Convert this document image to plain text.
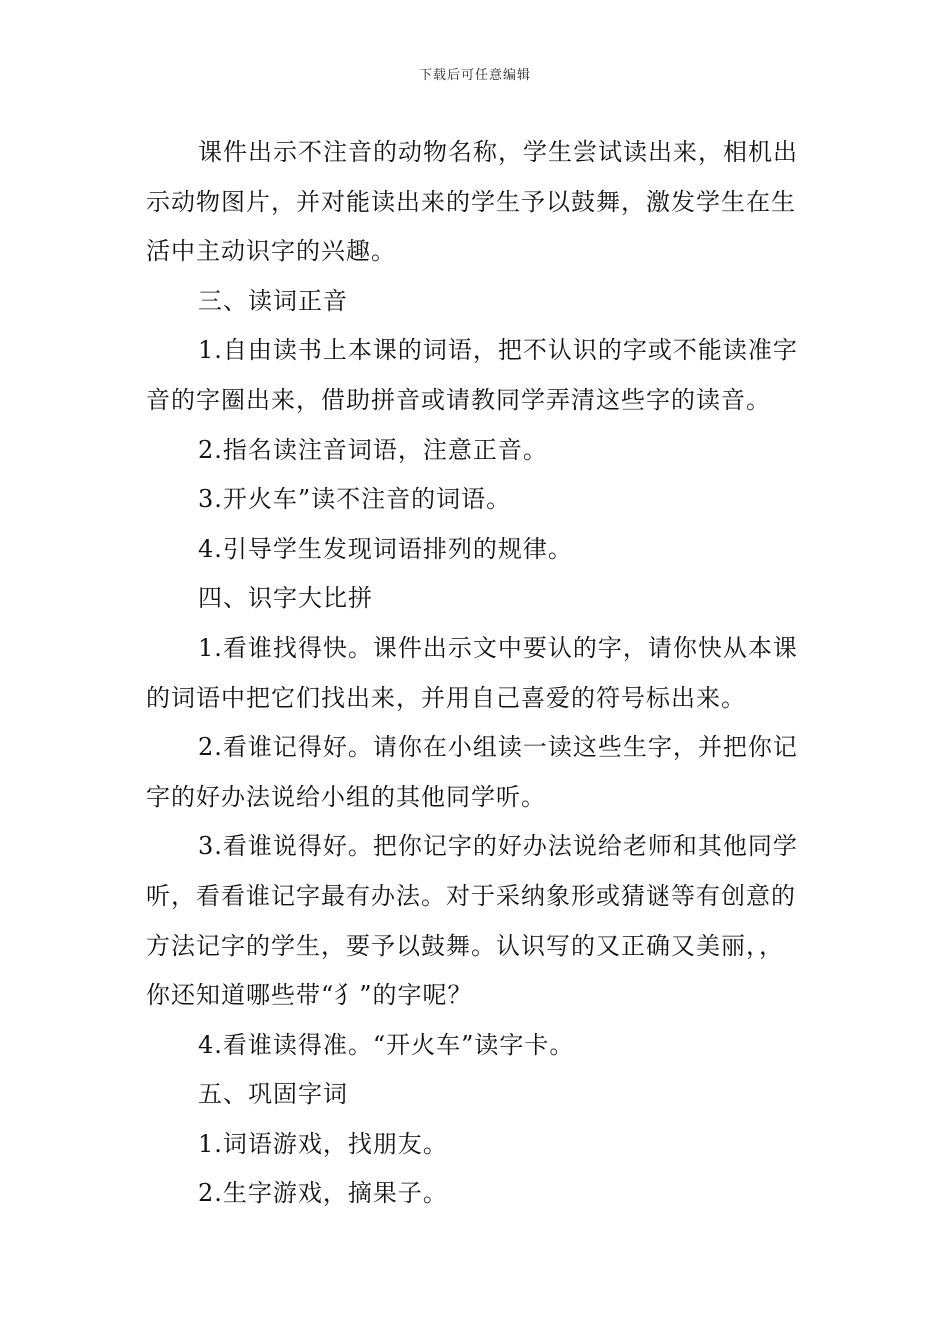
下载后可任意编辑

课件出示不注音的动物名称，学生尝试读出来，相机出示动物图片，并对能读出来的学生予以鼓舞，激发学生在生活中主动识字的兴趣。

三、读词正音

1.自由读书上本课的词语，把不认识的字或不能读准字音的字圈出来，借助拼音或请教同学弄清这些字的读音。

2.指名读注音词语，注意正音。

3.开火车”读不注音的词语。

4.引导学生发现词语排列的规律。

四、识字大比拼

1.看谁找得快。课件出示文中要认的字，请你快从本课的词语中把它们找出来，并用自己喜爱的符号标出来。

2.看谁记得好。请你在小组读一读这些生字，并把你记字的好办法说给小组的其他同学听。

3.看谁说得好。把你记字的好办法说给老师和其他同学听，看看谁记字最有办法。对于采纳象形或猜谜等有创意的方法记字的学生，要予以鼓舞。认识写的又正确又美丽，，你还知道哪些带“犭”的字呢？

4.看谁读得准。“开火车”读字卡。

五、巩固字词

1.词语游戏，找朋友。

2.生字游戏，摘果子。
